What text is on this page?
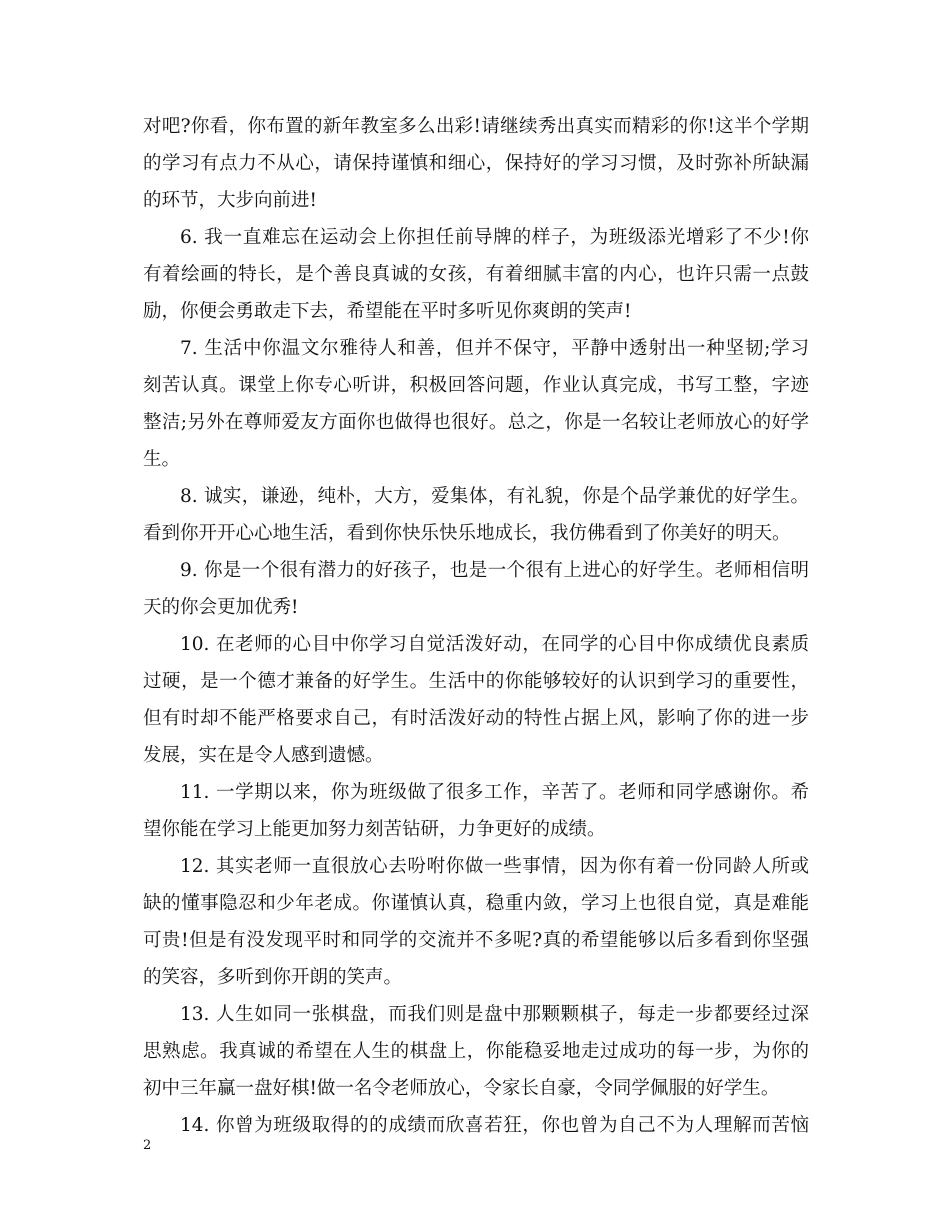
对吧?你看，你布置的新年教室多么出彩!请继续秀出真实而精彩的你!这半个学期
的学习有点力不从心，请保持谨慎和细心，保持好的学习习惯，及时弥补所缺漏
的环节，大步向前进!
6. 我一直难忘在运动会上你担任前导牌的样子，为班级添光增彩了不少!你
有着绘画的特长，是个善良真诚的女孩，有着细腻丰富的内心，也许只需一点鼓
励，你便会勇敢走下去，希望能在平时多听见你爽朗的笑声!
7. 生活中你温文尔雅待人和善，但并不保守，平静中透射出一种坚韧;学习
刻苦认真。课堂上你专心听讲，积极回答问题，作业认真完成，书写工整，字迹
整洁;另外在尊师爱友方面你也做得也很好。总之，你是一名较让老师放心的好学
生。
8. 诚实，谦逊，纯朴，大方，爱集体，有礼貌，你是个品学兼优的好学生。
看到你开开心心地生活，看到你快乐快乐地成长，我仿佛看到了你美好的明天。
9. 你是一个很有潜力的好孩子，也是一个很有上进心的好学生。老师相信明
天的你会更加优秀!
10. 在老师的心目中你学习自觉活泼好动，在同学的心目中你成绩优良素质
过硬，是一个德才兼备的好学生。生活中的你能够较好的认识到学习的重要性，
但有时却不能严格要求自己，有时活泼好动的特性占据上风，影响了你的进一步
发展，实在是令人感到遗憾。
11. 一学期以来，你为班级做了很多工作，辛苦了。老师和同学感谢你。希
望你能在学习上能更加努力刻苦钻研，力争更好的成绩。
12. 其实老师一直很放心去吩咐你做一些事情，因为你有着一份同龄人所或
缺的懂事隐忍和少年老成。你谨慎认真，稳重内敛，学习上也很自觉，真是难能
可贵!但是有没发现平时和同学的交流并不多呢?真的希望能够以后多看到你坚强
的笑容，多听到你开朗的笑声。
13. 人生如同一张棋盘，而我们则是盘中那颗颗棋子，每走一步都要经过深
思熟虑。我真诚的希望在人生的棋盘上，你能稳妥地走过成功的每一步，为你的
初中三年赢一盘好棋!做一名令老师放心，令家长自豪，令同学佩服的好学生。
14. 你曾为班级取得的的成绩而欣喜若狂，你也曾为自己不为人理解而苦恼
2
